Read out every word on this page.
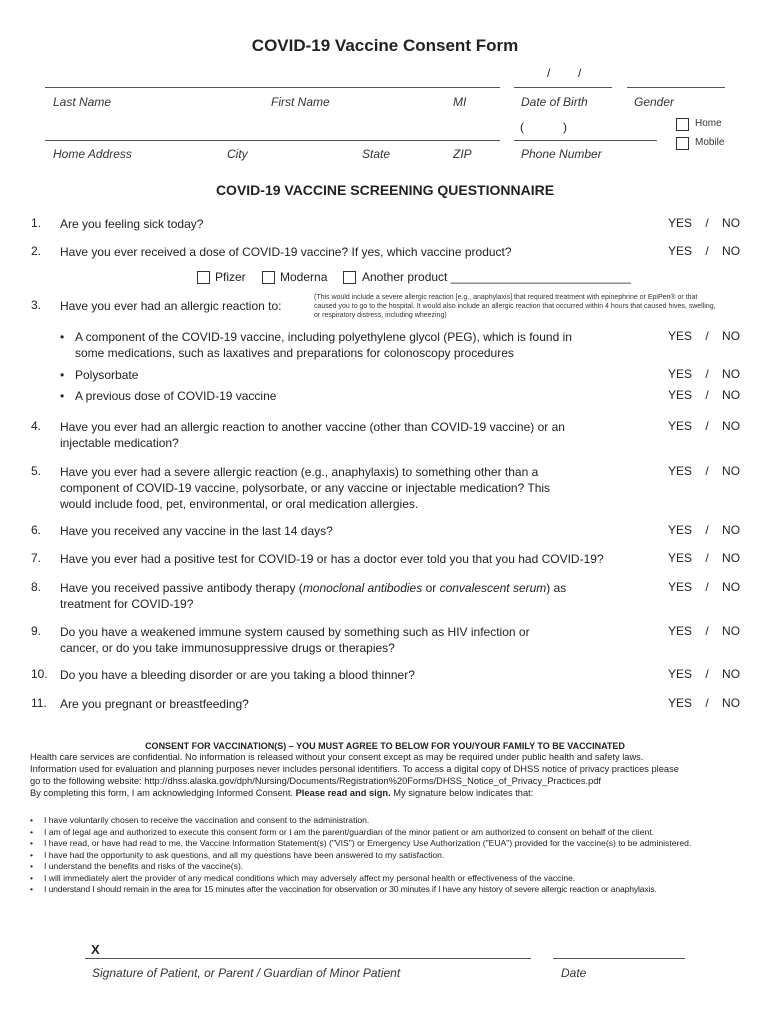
COVID-19 Vaccine Consent Form
/ /
Last Name	First Name	MI	Date of Birth	Gender
(	)	Home
Mobile
Home Address	City	State	ZIP	Phone Number
COVID-19 VACCINE SCREENING QUESTIONNAIRE
1. Are you feeling sick today?	YES / NO
2. Have you ever received a dose of COVID-19 vaccine? If yes, which vaccine product?	YES / NO
Pfizer	Moderna	Another product ___________________________
3. Have you ever had an allergic reaction to:
(This would include a severe allergic reaction [e.g., anaphylaxis] that required treatment with epinephrine or EpiPen® or that caused you to go to the hospital. It would also include an allergic reaction that occurred within 4 hours that caused hives, swelling, or respiratory distress, including wheezing)
• A component of the COVID-19 vaccine, including polyethylene glycol (PEG), which is found in some medications, such as laxatives and preparations for colonoscopy procedures
YES / NO
• Polysorbate	YES / NO
• A previous dose of COVID-19 vaccine	YES / NO
4. Have you ever had an allergic reaction to another vaccine (other than COVID-19 vaccine) or an injectable medication?
YES / NO
5. Have you ever had a severe allergic reaction (e.g., anaphylaxis) to something other than a component of COVID-19 vaccine, polysorbate, or any vaccine or injectable medication? This would include food, pet, environmental, or oral medication allergies.
YES / NO
6. Have you received any vaccine in the last 14 days?	YES / NO
7. Have you ever had a positive test for COVID-19 or has a doctor ever told you that you had COVID-19?	YES / NO
8. Have you received passive antibody therapy (monoclonal antibodies or convalescent serum) as treatment for COVID-19?
YES / NO
9. Do you have a weakened immune system caused by something such as HIV infection or cancer, or do you take immunosuppressive drugs or therapies?
YES / NO
10. Do you have a bleeding disorder or are you taking a blood thinner?	YES / NO
11. Are you pregnant or breastfeeding?	YES / NO
CONSENT FOR VACCINATION(S) – YOU MUST AGREE TO BELOW FOR YOU/YOUR FAMILY TO BE VACCINATED
Health care services are confidential. No information is released without your consent except as may be required under public health and safety laws.
Information used for evaluation and planning purposes never includes personal identifiers. To access a digital copy of DHSS notice of privacy practices please
go to the following website: http://dhss.alaska.gov/dph/Nursing/Documents/Registration%20Forms/DHSS_Notice_of_Privacy_Practices.pdf
By completing this form, I am acknowledging Informed Consent. Please read and sign. My signature below indicates that:
• I have voluntarily chosen to receive the vaccination and consent to the administration.
• I am of legal age and authorized to execute this consent form or I am the parent/guardian of the minor patient or am authorized to consent on behalf of the client.
• I have read, or have had read to me, the Vaccine Information Statement(s) ("VIS") or Emergency Use Authorization ("EUA") provided for the vaccine(s) to be administered.
• I have had the opportunity to ask questions, and all my questions have been answered to my satisfaction.
• I understand the benefits and risks of the vaccine(s).
• I will immediately alert the provider of any medical conditions which may adversely affect my personal health or effectiveness of the vaccine.
• I understand I should remain in the area for 15 minutes after the vaccination for observation or 30 minutes if I have any history of severe allergic reaction or anaphylaxis.
X
Signature of Patient, or Parent / Guardian of Minor Patient	Date
